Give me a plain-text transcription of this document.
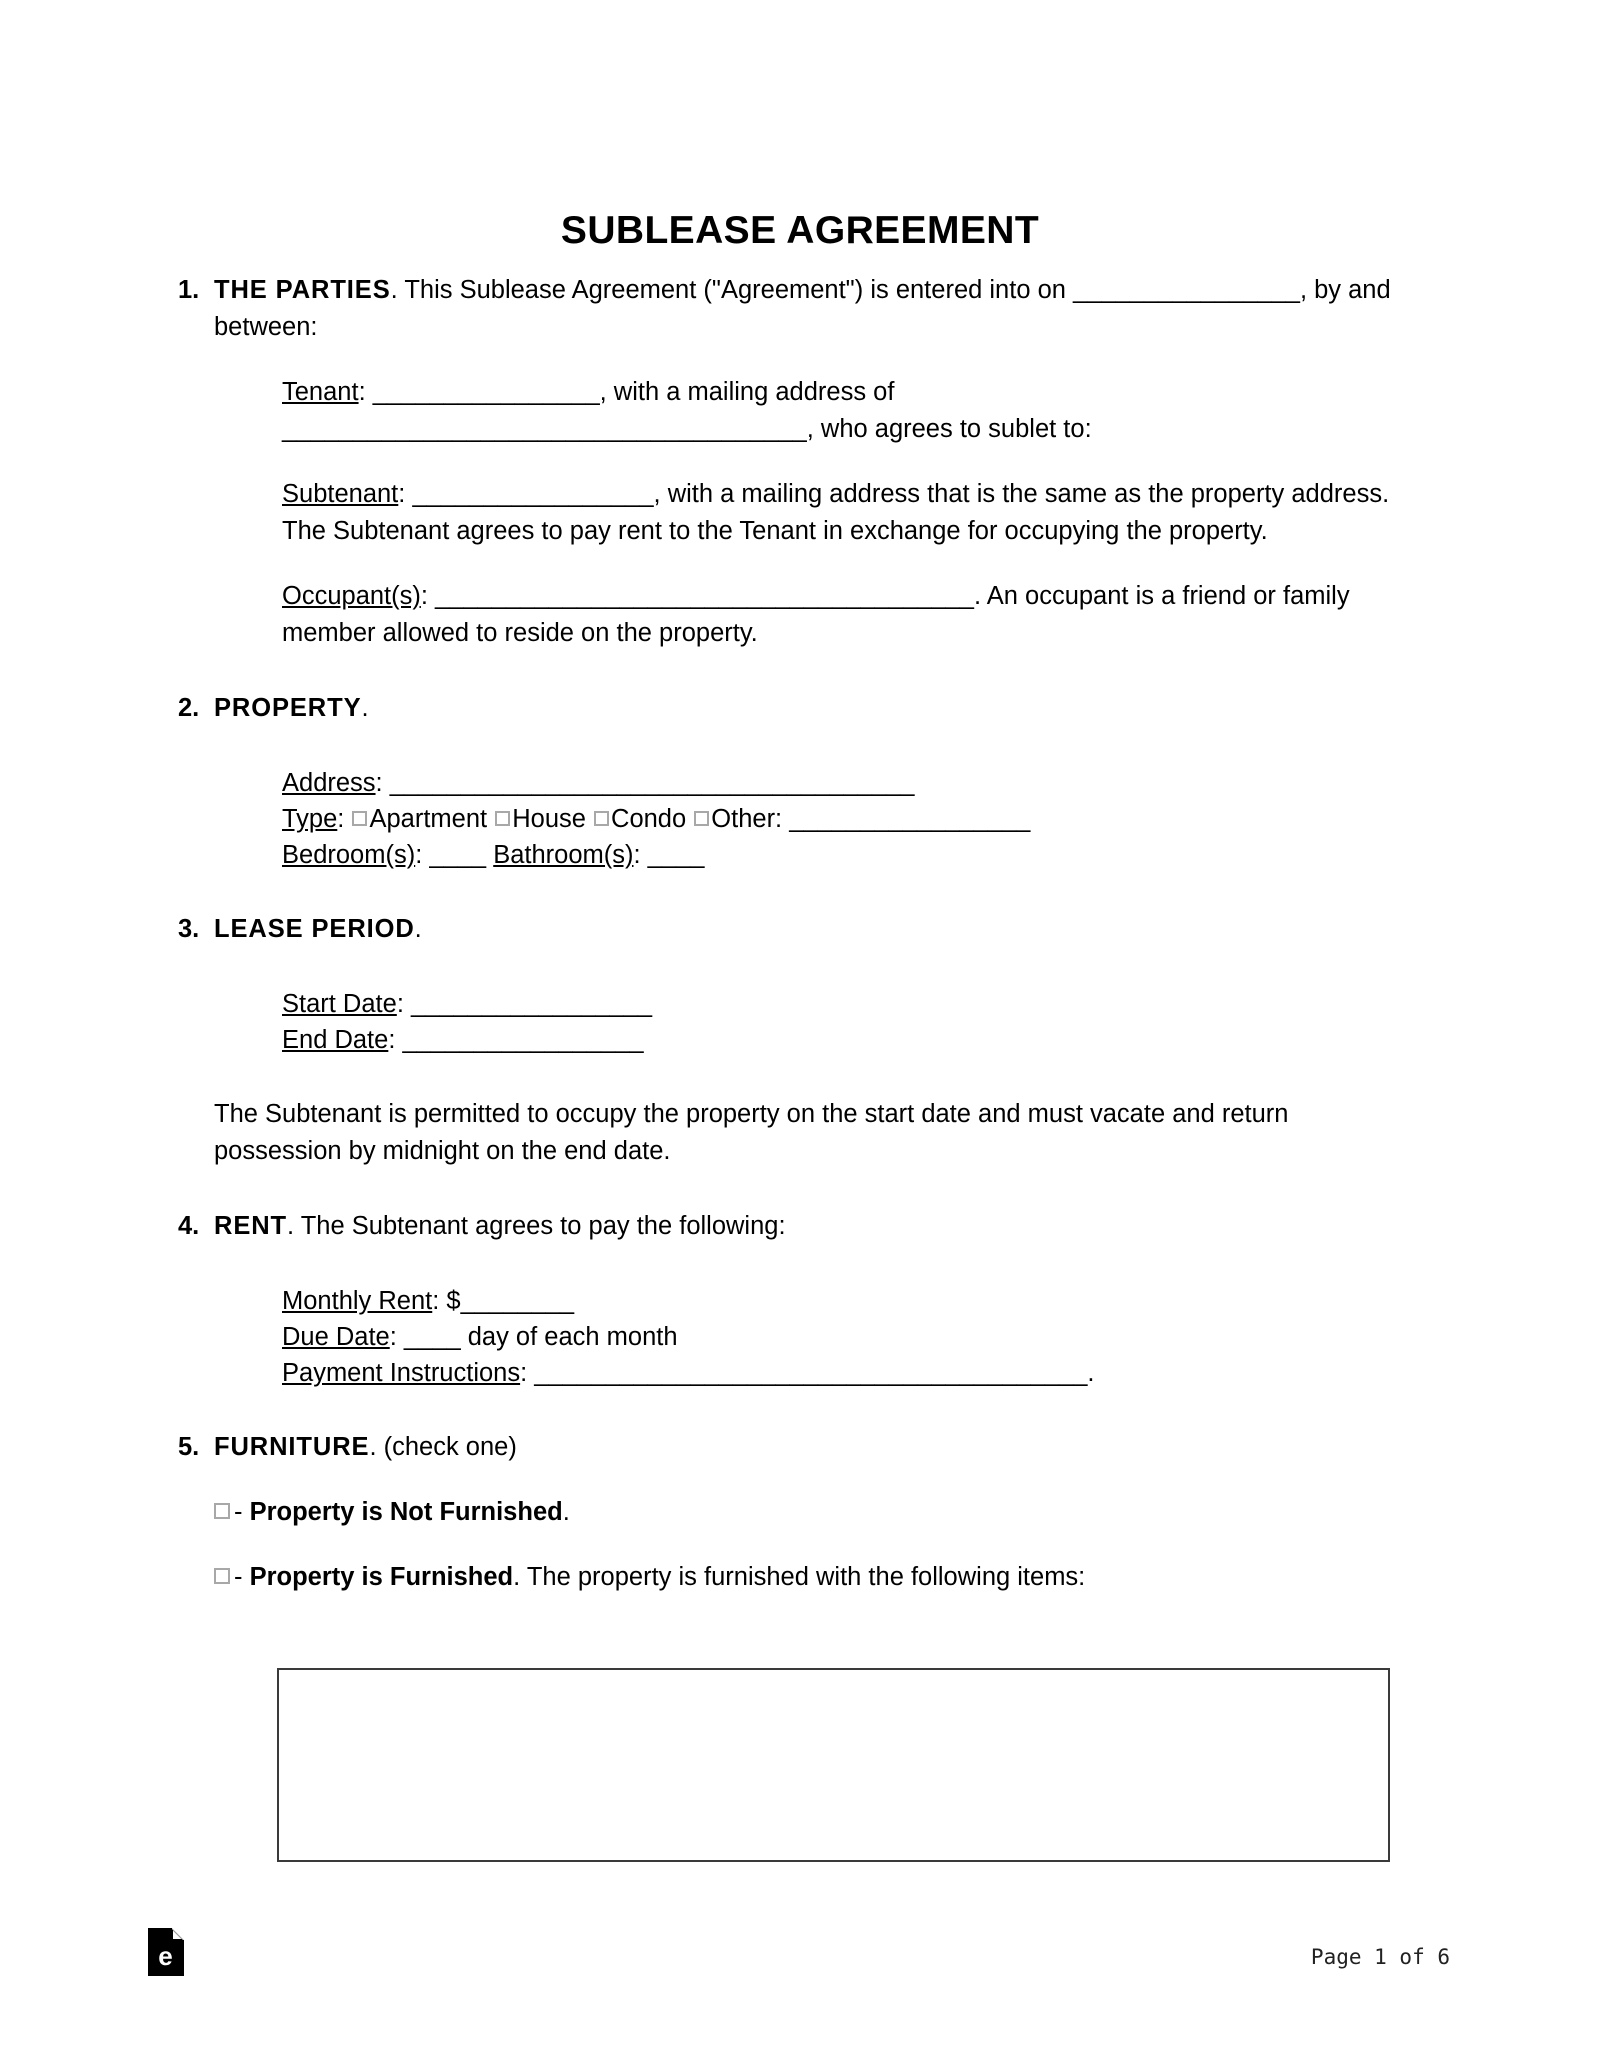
SUBLEASE AGREEMENT
1. THE PARTIES. This Sublease Agreement ("Agreement") is entered into on ________________, by and between:
Tenant: ________________, with a mailing address of _____________________________________, who agrees to sublet to:
Subtenant: _________________, with a mailing address that is the same as the property address. The Subtenant agrees to pay rent to the Tenant in exchange for occupying the property.
Occupant(s): ______________________________________. An occupant is a friend or family member allowed to reside on the property.
2. PROPERTY.
Address: _____________________________________
Type: Apartment House Condo Other: _________________
Bedroom(s): ____ Bathroom(s): ____
3. LEASE PERIOD.
Start Date: _________________
End Date: _________________
The Subtenant is permitted to occupy the property on the start date and must vacate and return possession by midnight on the end date.
4. RENT. The Subtenant agrees to pay the following:
Monthly Rent: $________
Due Date: ____ day of each month
Payment Instructions: _______________________________________.
5. FURNITURE. (check one)
- Property is Not Furnished.
- Property is Furnished. The property is furnished with the following items:
e	Page 1 of 6
